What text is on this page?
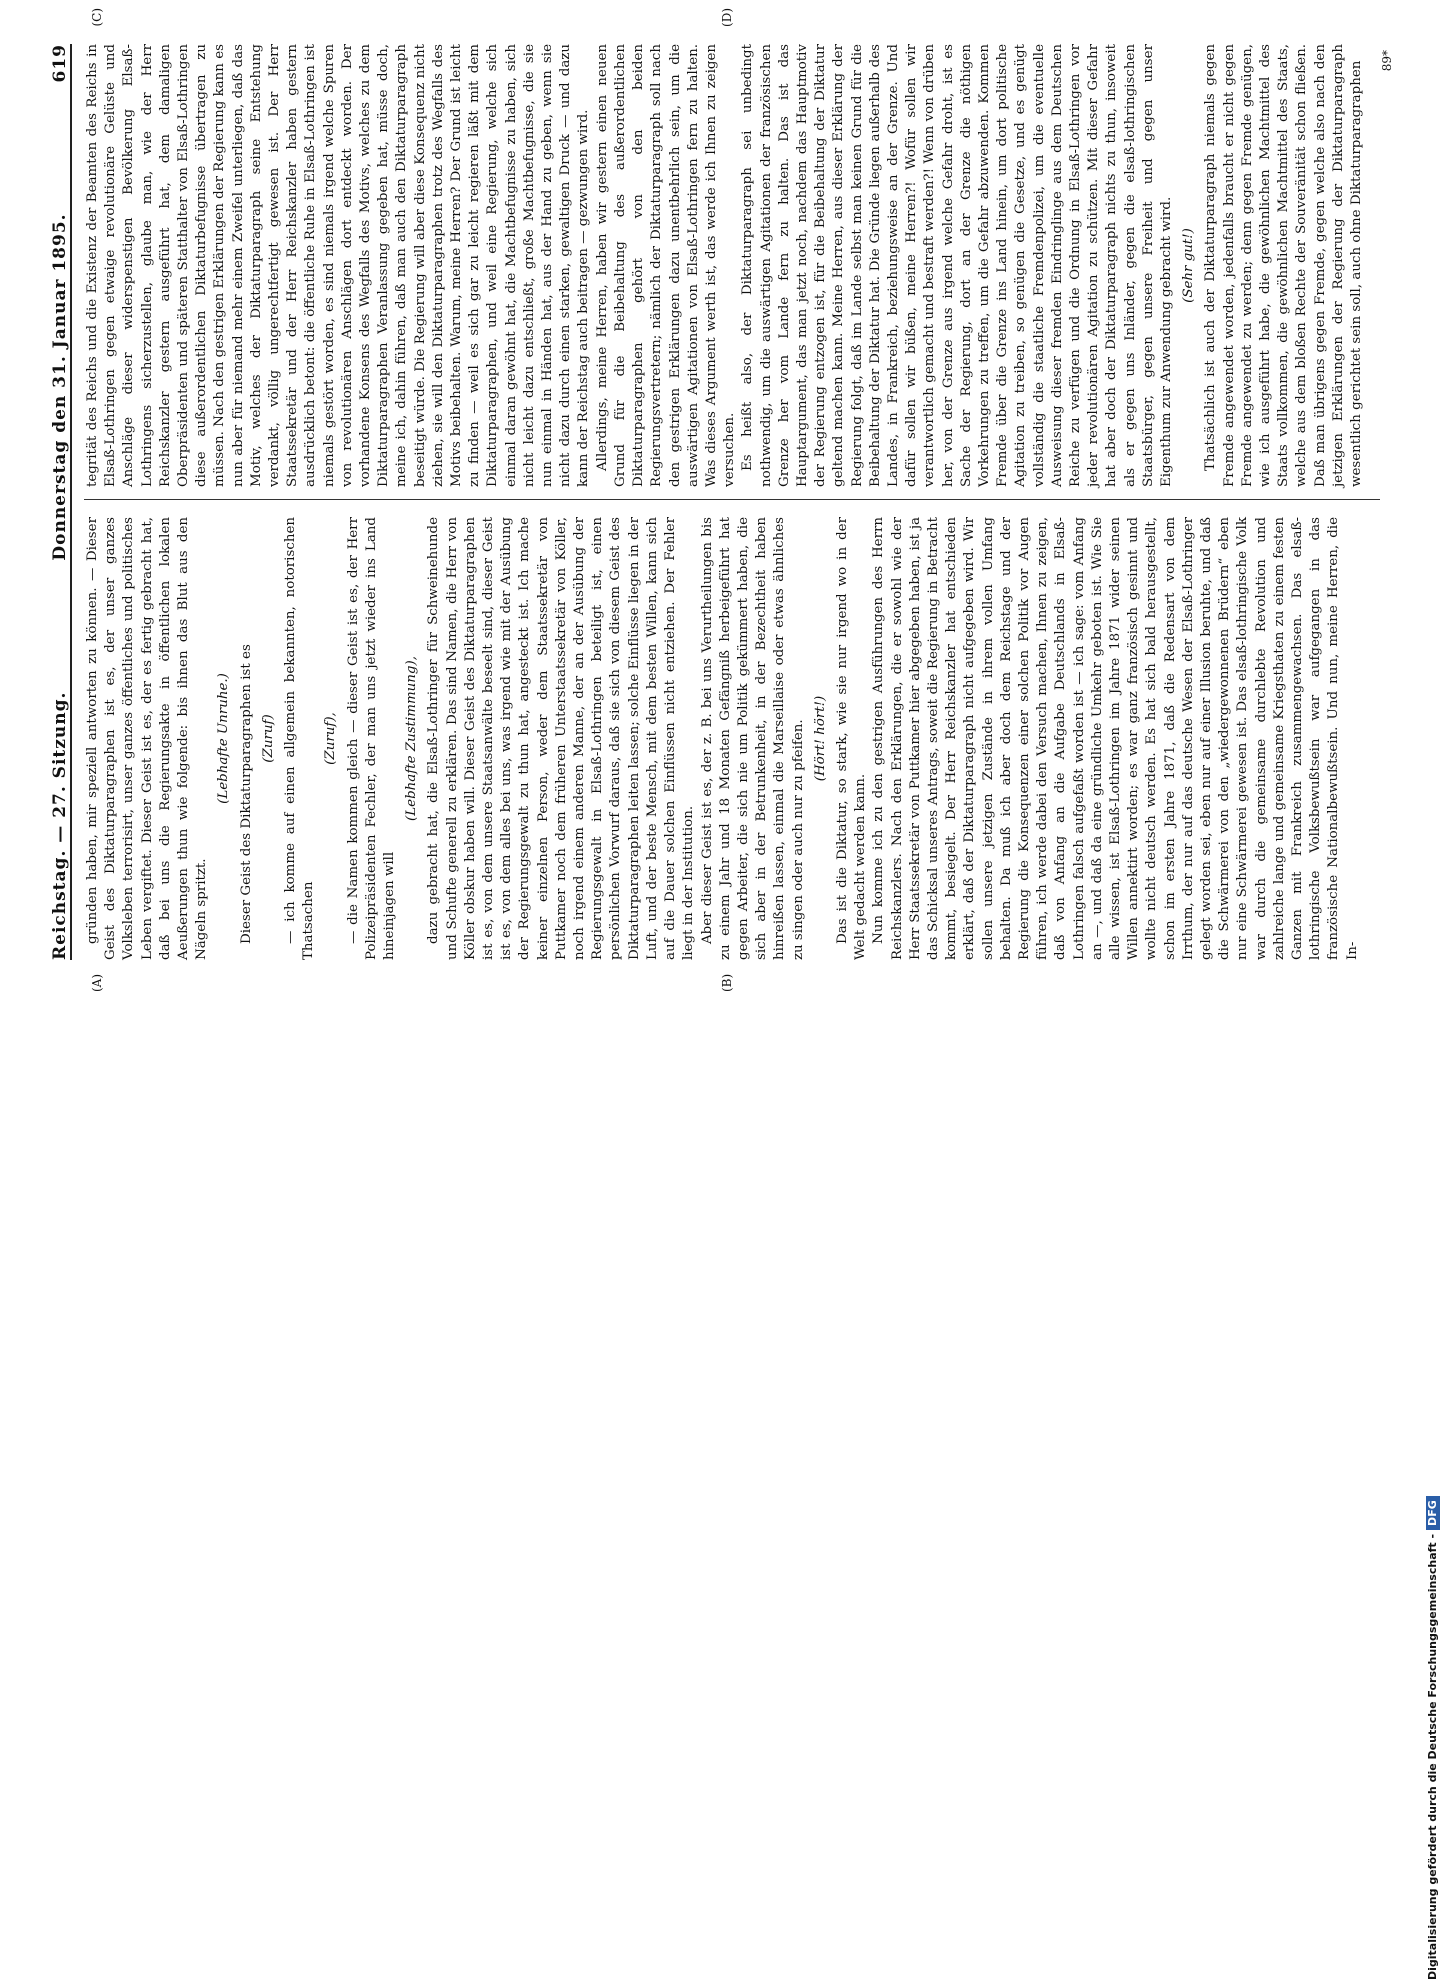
Reichstag. — 27. Sitzung.
Donnerstag den 31. Januar 1895.
619
(A)	(B)
(C)	(D)

gründen haben, mir speziell antworten zu können. — Dieser Geist des Diktaturparagraphen ist es, der unser ganzes Volksleben terrorisirt, unser ganzes öffentliches und politisches Leben vergiftet. Dieser Geist ist es, der es fertig gebracht hat, daß bei uns die Regierungsakte in öffentlichen lokalen Aeußerungen thun wie folgende: bis ihnen das Blut aus den Nägeln spritzt.

(Lebhafte Unruhe.) Dieser Geist des Diktaturparagraphen ist es (Zuruf) — ich komme auf einen allgemein bekannten, notorischen Thatsachen

(Zuruf), — die Namen kommen gleich — dieser Geist ist es, der Herr Polizeipräsidenten Fechler, der man uns jetzt wieder ins Land hineinjagen will

(Lebhafte Zustimmung), dazu gebracht hat, die Elsaß-Lothringer für Schweinehunde und Schufte generell zu erklären. Das sind Namen, die Herr von Köller obskur haben will. Dieser Geist des Diktaturparagraphen ist es, von dem unsere Staatsanwälte beseelt sind, dieser Geist ist es, von dem alles bei uns, was irgend wie mit der Ausübung der Regierungsgewalt zu thun hat, angesteckt ist. Ich mache keiner einzelnen Person, weder dem Staatssekretär von Puttkamer noch dem früheren Unterstaatssekretär von Köller, noch irgend einem anderen Manne, der an der Ausübung der Regierungsgewalt in Elsaß-Lothringen beteiligt ist, einen persönlichen Vorwurf daraus, daß sie sich von diesem Geist des Diktaturparagraphen leiten lassen; solche Einflüsse liegen in der Luft, und der beste Mensch, mit dem besten Willen, kann sich auf die Dauer solchen Einflüssen nicht entziehen. Der Fehler liegt in der Institution. Aber dieser Geist ist es, der z. B. bei uns Verurtheilungen bis zu einem Jahr und 18 Monaten Gefängniß herbeigeführt hat gegen Arbeiter, die sich nie um Politik gekümmert haben, die sich aber in der Betrunkenheit, in der Bezechtheit haben hinreißen lassen, einmal die Marseillaise oder etwas ähnliches zu singen oder auch nur zu pfeifen. (Hört! hört!) Das ist die Diktatur, so stark, wie sie nur irgend wo in der Welt gedacht werden kann. Nun komme ich zu den gestrigen Ausführungen des Herrn Reichskanzlers. Nach den Erklärungen, die er sowohl wie der Herr Staatssekretär von Puttkamer hier abgegeben haben, ist ja das Schicksal unseres Antrags, soweit die Regierung in Betracht kommt, besiegelt. Der Herr Reichskanzler hat entschieden erklärt, daß der Diktaturparagraph nicht aufgegeben wird. Wir sollen unsere jetzigen Zustände in ihrem vollen Umfang behalten. Da muß ich aber doch dem Reichstage und der Regierung die Konsequenzen einer solchen Politik vor Augen führen, ich werde dabei den Versuch machen, Ihnen zu zeigen, daß von Anfang an die Aufgabe Deutschlands in Elsaß-Lothringen falsch aufgefaßt worden ist — ich sage: vom Anfang an —, und daß da eine gründliche Umkehr geboten ist. Wie Sie alle wissen, ist Elsaß-Lothringen im Jahre 1871 wider seinen Willen annektirt worden; es war ganz französisch gesinnt und wollte nicht deutsch werden. Es hat sich bald herausgestellt, schon im ersten Jahre 1871, daß die Redensart von dem Irrthum, der nur auf das deutsche Wesen der Elsaß-Lothringer gelegt worden sei, eben nur auf einer Illusion beruhte, und daß die Schwärmerei von den „wiedergewonnenen Brüdern“ eben nur eine Schwärmerei gewesen ist. Das elsaß-lothringische Volk war durch die gemeinsame durchlebte Revolution und zahlreiche lange und gemeinsame Kriegsthaten zu einem festen Ganzen mit Frankreich zusammengewachsen. Das elsaß-lothringische Volksbewußtsein war aufgegangen in das französische Nationalbewußtsein. Und nun, meine Herren, die In-

tegrität des Reichs und die Existenz der Beamten des Reichs in Elsaß-Lothringen gegen etwaige revolutionäre Gelüste und Anschläge dieser widerspenstigen Bevölkerung Elsaß-Lothringens sicherzustellen, glaube man, wie der Herr Reichskanzler gestern ausgeführt hat, dem damaligen Oberpräsidenten und späteren Statthalter von Elsaß-Lothringen diese außerordentlichen Diktaturbefugnisse übertragen zu müssen. Nach den gestrigen Erklärungen der Regierung kann es nun aber für niemand mehr einem Zweifel unterliegen, daß das Motiv, welches der Diktaturparagraph seine Entstehung verdankt, völlig ungerechtfertigt gewesen ist. Der Herr Staatssekretär und der Herr Reichskanzler haben gestern ausdrücklich betont: die öffentliche Ruhe in Elsaß-Lothringen ist niemals gestört worden, es sind niemals irgend welche Spuren von revolutionären Anschlägen dort entdeckt worden. Der vorhandene Konsens des Wegfalls des Motivs, welches zu dem Diktaturparagraphen Veranlassung gegeben hat, müsse doch, meine ich, dahin führen, daß man auch den Diktaturparagraph beseitigt würde. Die Regierung will aber diese Konsequenz nicht ziehen, sie will den Diktaturparagraphen trotz des Wegfalls des Motivs beibehalten. Warum, meine Herren? Der Grund ist leicht zu finden — weil es sich gar zu leicht regieren läßt mit dem Diktaturparagraphen, und weil eine Regierung, welche sich einmal daran gewöhnt hat, die Machtbefugnisse zu haben, sich nicht leicht dazu entschließt, große Machtbefugnisse, die sie nun einmal in Händen hat, aus der Hand zu geben, wenn sie nicht dazu durch einen starken, gewaltigen Druck — und dazu kann der Reichstag auch beitragen — gezwungen wird. Allerdings, meine Herren, haben wir gestern einen neuen Grund für die Beibehaltung des außerordentlichen Diktaturparagraphen gehört von den beiden Regierungsvertretern; nämlich der Diktaturparagraph soll nach den gestrigen Erklärungen dazu unentbehrlich sein, um die auswärtigen Agitationen von Elsaß-Lothringen fern zu halten. Was dieses Argument werth ist, das werde ich Ihnen zu zeigen versuchen. Es heißt also, der Diktaturparagraph sei unbedingt nothwendig, um die auswärtigen Agitationen der französischen Grenze her vom Lande fern zu halten. Das ist das Hauptargument, das man jetzt noch, nachdem das Hauptmotiv der Regierung entzogen ist, für die Beibehaltung der Diktatur geltend machen kann. Meine Herren, aus dieser Erklärung der Regierung folgt, daß im Lande selbst man keinen Grund für die Beibehaltung der Diktatur hat. Die Gründe liegen außerhalb des Landes, in Frankreich, beziehungsweise an der Grenze. Und dafür sollen wir büßen, meine Herren?! Wofür sollen wir verantwortlich gemacht und bestraft werden?! Wenn von drüben her, von der Grenze aus irgend welche Gefahr droht, ist es Sache der Regierung, dort an der Grenze die nöthigen Vorkehrungen zu treffen, um die Gefahr abzuwenden. Kommen Fremde über die Grenze ins Land hinein, um dort politische Agitation zu treiben, so genügen die Gesetze, und es genügt vollständig die staatliche Fremdenpolizei, um die eventuelle Ausweisung dieser fremden Eindringlinge aus dem Deutschen Reiche zu verfügen und die Ordnung in Elsaß-Lothringen vor jeder revolutionären Agitation zu schützen. Mit dieser Gefahr hat aber doch der Diktaturparagraph nichts zu thun, insoweit als er gegen uns Inländer, gegen die elsaß-lothringischen Staatsbürger, gegen unsere Freiheit und gegen unser Eigenthum zur Anwendung gebracht wird. (Sehr gut!) Thatsächlich ist auch der Diktaturparagraph niemals gegen Fremde angewendet worden, jedenfalls braucht er nicht gegen Fremde angewendet zu werden; denn gegen Fremde genügen, wie ich ausgeführt habe, die gewöhnlichen Machtmittel des Staats vollkommen, die gewöhnlichen Machtmittel des Staats, welche aus dem bloßen Rechte der Souveränität schon fließen. Daß man übrigens gegen Fremde, gegen welche also nach den jetzigen Erklärungen der Regierung der Diktaturparagraph wesentlich gerichtet sein soll, auch ohne Diktaturparagraphen 89*
Digitalisierung gefördert durch die Deutsche Forschungsgemeinschaft -DFG
